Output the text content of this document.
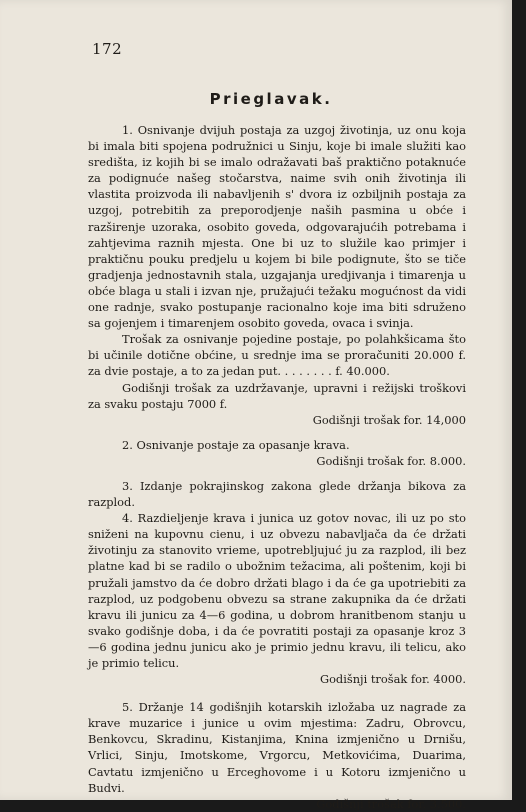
172
Prieglavak.

1. Osnivanje dvijuh postaja za uzgoj životinja, uz onu koja bi imala biti spojena podružnici u Sinju, koje bi imale služiti kao središta, iz kojih bi se imalo odražavati baš praktično potaknuće za podignuće našeg stočarstva, naime svih onih životinja ili vlastita proizvoda ili nabavljenih s' dvora iz ozbiljnih postaja za uzgoj, potrebitih za preporodjenje naših pasmina u obće i razširenje uzoraka, osobito goveda, odgovarajućih potrebama i zahtjevima raznih mjesta. One bi uz to služile kao primjer i praktičnu pouku predjelu u kojem bi bile podignute, što se tiče gradjenja jednostavnih stala, uzgajanja uredjivanja i timarenja u obće blaga u stali i izvan nje, pružajući težaku mogućnost da vidi one radnje, svako postupanje racionalno koje ima biti sdruženo sa gojenjem i timarenjem osobito goveda, ovaca i svinja.

Trošak za osnivanje pojedine postaje, po polahkšicama što bi učinile dotične obćine, u srednje ima se proračuniti 20.000 f. za dvie postaje, a to za jedan put. . . . . . . . f. 40.000.

Godišnji trošak za uzdržavanje, upravni i režijski troškovi za svaku postaju 7000 f.

Godišnji trošak for. 14,000

2. Osnivanje postaje za opasanje krava.

Godišnji trošak for. 8.000.

3. Izdanje pokrajinskog zakona glede držanja bikova za razplod.

4. Razdieljenje krava i junica uz gotov novac, ili uz po sto sniženi na kupovnu cienu, i uz obvezu nabavljača da će držati životinju za stanovito vrieme, upotrebljujuć ju za razplod, ili bez platne kad bi se radilo o ubožnim težacima, ali poštenim, koji bi pružali jamstvo da će dobro držati blago i da će ga upotriebiti za razplod, uz podgobenu obvezu sa strane zakupnika da će držati kravu ili junicu za 4—6 godina, u dobrom hranitbenom stanju u svako godišnje doba, i da će povratiti postaji za opasanje kroz 3—6 godina jednu junicu ako je primio jednu kravu, ili telicu, ako je primio telicu.

Godišnji trošak for. 4000.

5. Držanje 14 godišnjih kotarskih izložaba uz nagrade za krave muzarice i junice u ovim mjestima: Zadru, Obrovcu, Benkovcu, Skradinu, Kistanjima, Knina izmjenično u Drnišu, Vrlici, Sinju, Imotskome, Vrgorcu, Metkovićima, Duarima, Cavtatu izmjenično u Erceghovome i u Kotoru izmjenično u Budvi.

Godišnji trošak for. 3.500.
